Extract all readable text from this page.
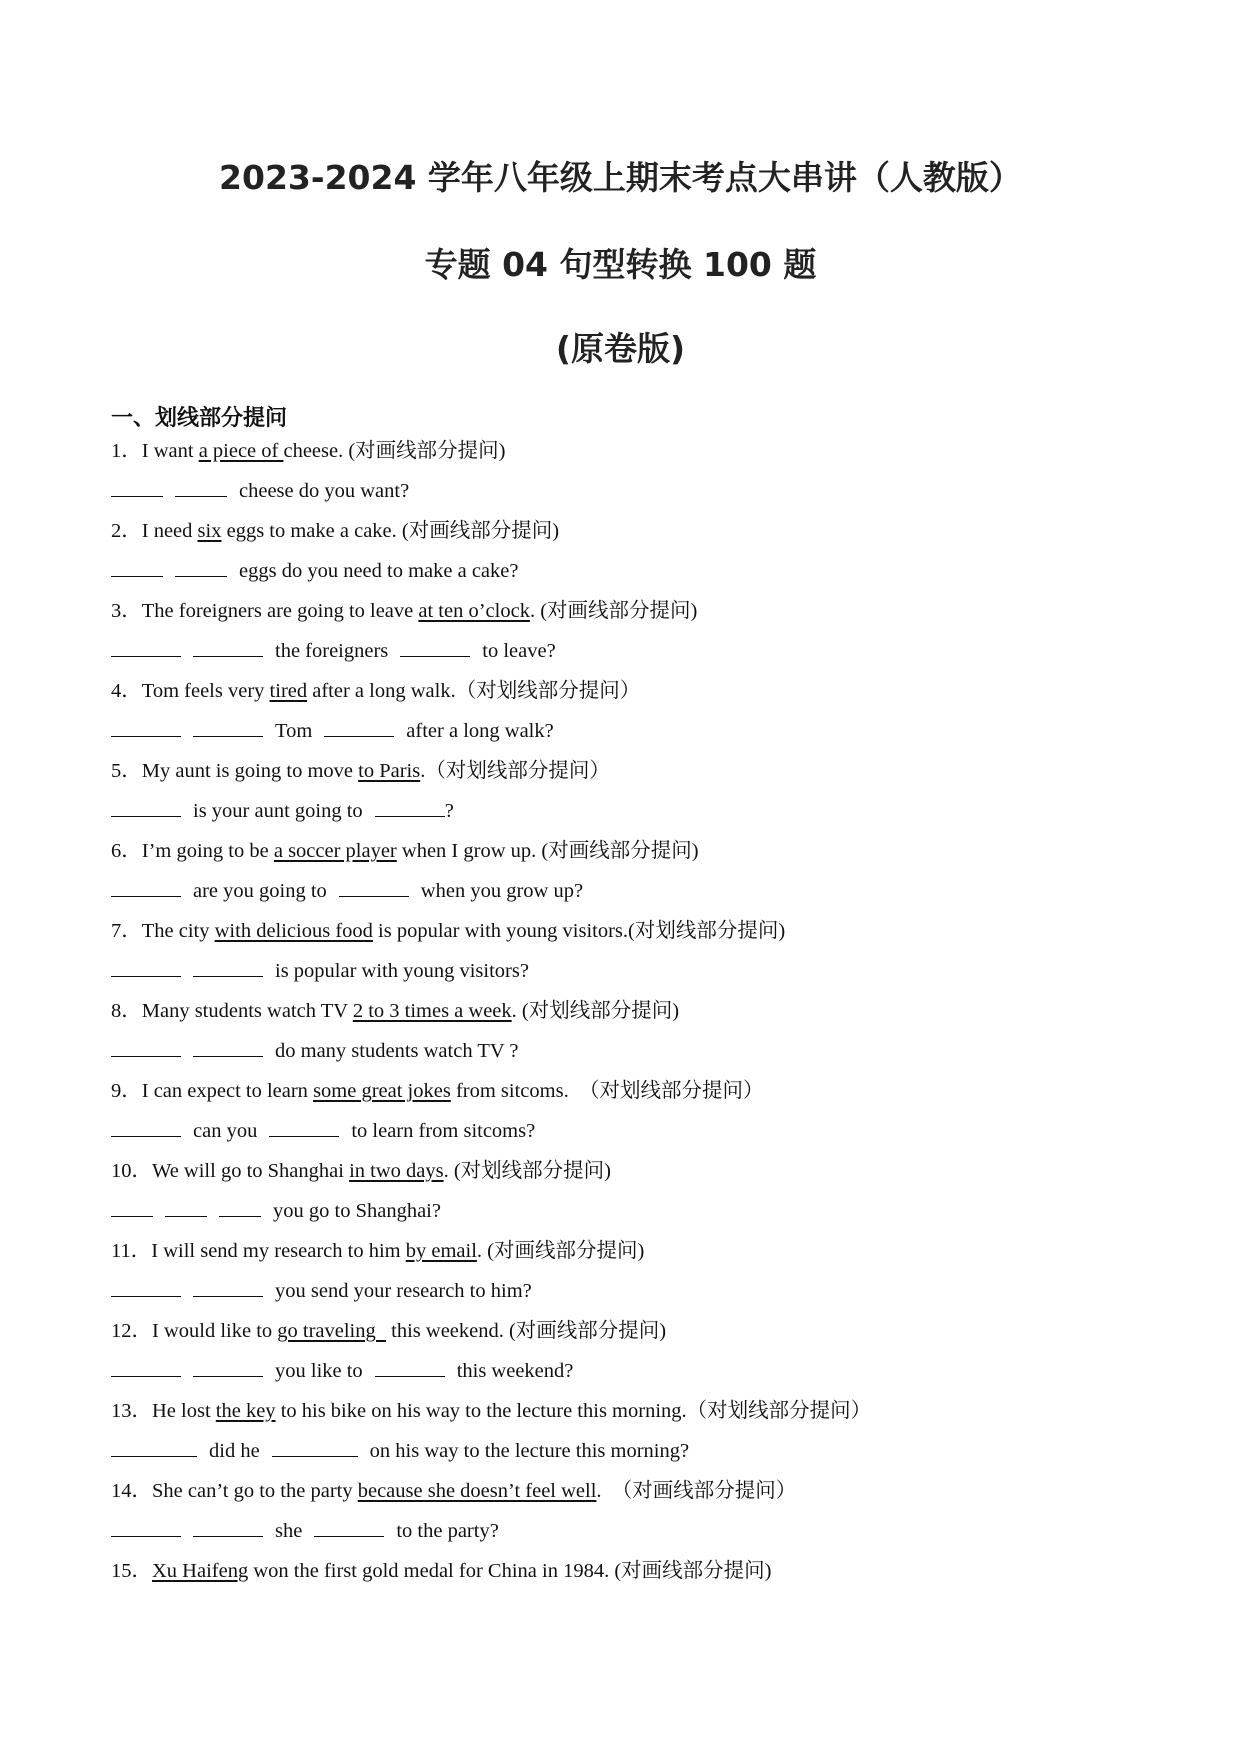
2023-2024 学年八年级上期末考点大串讲（人教版）
专题 04 句型转换 100 题
(原卷版)
一、划线部分提问
1．I want a piece of cheese. (对画线部分提问)
cheese do you want?
2．I need six eggs to make a cake. (对画线部分提问)
eggs do you need to make a cake?
3．The foreigners are going to leave at ten o’clock. (对画线部分提问)
the foreigners	to leave?
4．Tom feels very tired after a long walk.（对划线部分提问）
Tom	after a long walk?
5．My aunt is going to move to Paris.（对划线部分提问）
is your aunt going to	?
6．I’m going to be a soccer player when I grow up. (对画线部分提问)
are you going to	when you grow up?
7．The city with delicious food is popular with young visitors.(对划线部分提问)
is popular with young visitors?
8．Many students watch TV 2 to 3 times a week. (对划线部分提问)
do many students watch TV ?
9．I can expect to learn some great jokes from sitcoms.  （对划线部分提问）
can you	to learn from sitcoms?
10．We will go to Shanghai in two days. (对划线部分提问)
you go to Shanghai?
11．I will send my research to him by email. (对画线部分提问)
you send your research to him?
12．I would like to go traveling   this weekend. (对画线部分提问)
you like to	this weekend?
13．He lost the key to his bike on his way to the lecture this morning.（对划线部分提问）
did he	on his way to the lecture this morning?
14．She can’t go to the party because she doesn’t feel well.  （对画线部分提问）
she	to the party?
15．Xu Haifeng won the first gold medal for China in 1984. (对画线部分提问)
